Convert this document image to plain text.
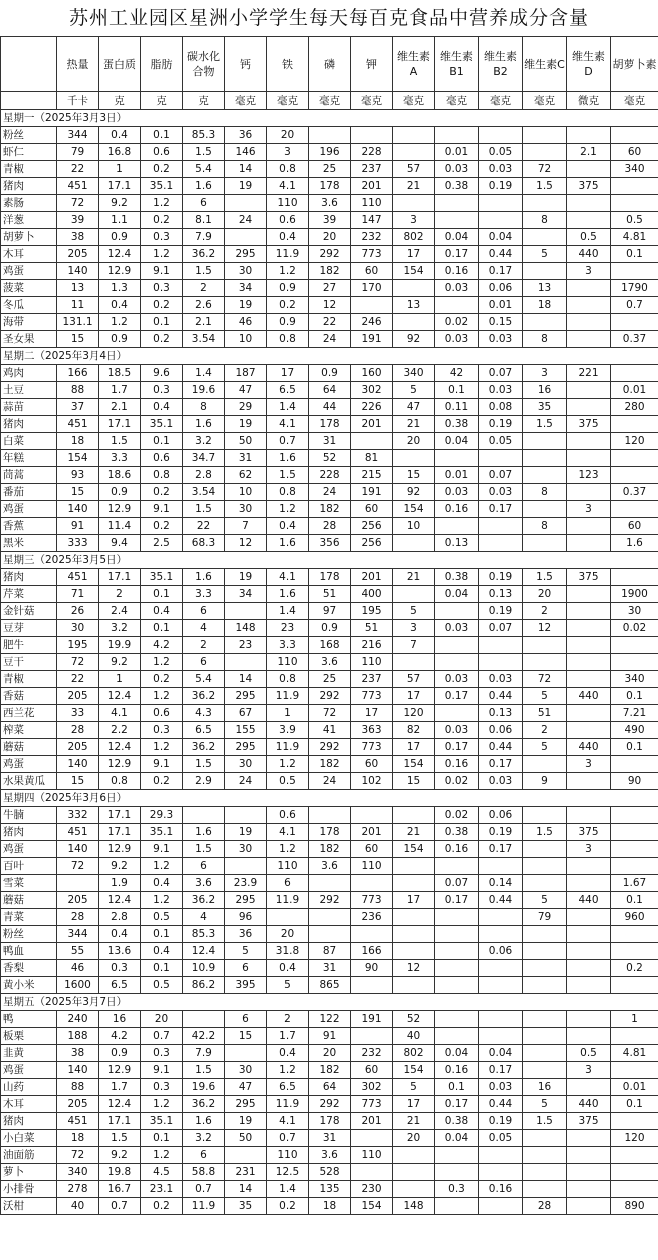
苏州工业园区星洲小学学生每天每百克食品中营养成分含量
	热量	蛋白质	脂肪	碳水化合物	钙	铁	磷	钾	维生素A	维生素B1	维生素B2	维生素C	维生素D	胡萝卜素
	千卡	克	克	克	毫克	毫克	毫克	毫克	毫克	毫克	毫克	毫克	微克	毫克
星期一（2025年3月3日）														
粉丝	344	0.4	0.1	85.3	36	20								
虾仁	79	16.8	0.6	1.5	146	3	196	228		0.01	0.05		2.1	60
青椒	22	1	0.2	5.4	14	0.8	25	237	57	0.03	0.03	72		340
猪肉	451	17.1	35.1	1.6	19	4.1	178	201	21	0.38	0.19	1.5	375	
素肠	72	9.2	1.2	6		110	3.6	110						
洋葱	39	1.1	0.2	8.1	24	0.6	39	147	3			8		0.5
胡萝卜	38	0.9	0.3	7.9		0.4	20	232	802	0.04	0.04		0.5	4.81
木耳	205	12.4	1.2	36.2	295	11.9	292	773	17	0.17	0.44	5	440	0.1
鸡蛋	140	12.9	9.1	1.5	30	1.2	182	60	154	0.16	0.17		3	
菠菜	13	1.3	0.3	2	34	0.9	27	170		0.03	0.06	13		1790
冬瓜	11	0.4	0.2	2.6	19	0.2	12		13		0.01	18		0.7
海带	131.1	1.2	0.1	2.1	46	0.9	22	246		0.02	0.15			
圣女果	15	0.9	0.2	3.54	10	0.8	24	191	92	0.03	0.03	8		0.37
星期二（2025年3月4日）														
鸡肉	166	18.5	9.6	1.4	187	17	0.9	160	340	42	0.07	3	221	
土豆	88	1.7	0.3	19.6	47	6.5	64	302	5	0.1	0.03	16		0.01
蒜苗	37	2.1	0.4	8	29	1.4	44	226	47	0.11	0.08	35		280
猪肉	451	17.1	35.1	1.6	19	4.1	178	201	21	0.38	0.19	1.5	375	
白菜	18	1.5	0.1	3.2	50	0.7	31		20	0.04	0.05			120
年糕	154	3.3	0.6	34.7	31	1.6	52	81						
茼蒿	93	18.6	0.8	2.8	62	1.5	228	215	15	0.01	0.07		123	
番茄	15	0.9	0.2	3.54	10	0.8	24	191	92	0.03	0.03	8		0.37
鸡蛋	140	12.9	9.1	1.5	30	1.2	182	60	154	0.16	0.17		3	
香蕉	91	11.4	0.2	22	7	0.4	28	256	10			8		60
黑米	333	9.4	2.5	68.3	12	1.6	356	256		0.13				1.6
星期三（2025年3月5日）														
猪肉	451	17.1	35.1	1.6	19	4.1	178	201	21	0.38	0.19	1.5	375	
芹菜	71	2	0.1	3.3	34	1.6	51	400		0.04	0.13	20		1900
金针菇	26	2.4	0.4	6		1.4	97	195	5		0.19	2		30
豆芽	30	3.2	0.1	4	148	23	0.9	51	3	0.03	0.07	12		0.02
肥牛	195	19.9	4.2	2	23	3.3	168	216	7					
豆干	72	9.2	1.2	6		110	3.6	110						
青椒	22	1	0.2	5.4	14	0.8	25	237	57	0.03	0.03	72		340
香菇	205	12.4	1.2	36.2	295	11.9	292	773	17	0.17	0.44	5	440	0.1
西兰花	33	4.1	0.6	4.3	67	1	72	17	120		0.13	51		7.21
榨菜	28	2.2	0.3	6.5	155	3.9	41	363	82	0.03	0.06	2		490
蘑菇	205	12.4	1.2	36.2	295	11.9	292	773	17	0.17	0.44	5	440	0.1
鸡蛋	140	12.9	9.1	1.5	30	1.2	182	60	154	0.16	0.17		3	
水果黄瓜	15	0.8	0.2	2.9	24	0.5	24	102	15	0.02	0.03	9		90
星期四（2025年3月6日）														
牛腩	332	17.1	29.3			0.6				0.02	0.06			
猪肉	451	17.1	35.1	1.6	19	4.1	178	201	21	0.38	0.19	1.5	375	
鸡蛋	140	12.9	9.1	1.5	30	1.2	182	60	154	0.16	0.17		3	
百叶	72	9.2	1.2	6		110	3.6	110						
雪菜		1.9	0.4	3.6	23.9	6				0.07	0.14			1.67
蘑菇	205	12.4	1.2	36.2	295	11.9	292	773	17	0.17	0.44	5	440	0.1
青菜	28	2.8	0.5	4	96			236				79		960
粉丝	344	0.4	0.1	85.3	36	20								
鸭血	55	13.6	0.4	12.4	5	31.8	87	166			0.06			
香梨	46	0.3	0.1	10.9	6	0.4	31	90	12					0.2
黄小米	1600	6.5	0.5	86.2	395	5	865							
星期五（2025年3月7日）														
鸭	240	16	20		6	2	122	191	52					1
板栗	188	4.2	0.7	42.2	15	1.7	91		40					
韭黄	38	0.9	0.3	7.9		0.4	20	232	802	0.04	0.04		0.5	4.81
鸡蛋	140	12.9	9.1	1.5	30	1.2	182	60	154	0.16	0.17		3	
山药	88	1.7	0.3	19.6	47	6.5	64	302	5	0.1	0.03	16		0.01
木耳	205	12.4	1.2	36.2	295	11.9	292	773	17	0.17	0.44	5	440	0.1
猪肉	451	17.1	35.1	1.6	19	4.1	178	201	21	0.38	0.19	1.5	375	
小白菜	18	1.5	0.1	3.2	50	0.7	31		20	0.04	0.05			120
油面筋	72	9.2	1.2	6		110	3.6	110						
萝卜	340	19.8	4.5	58.8	231	12.5	528							
小排骨	278	16.7	23.1	0.7	14	1.4	135	230		0.3	0.16			
沃柑	40	0.7	0.2	11.9	35	0.2	18	154	148			28		890
